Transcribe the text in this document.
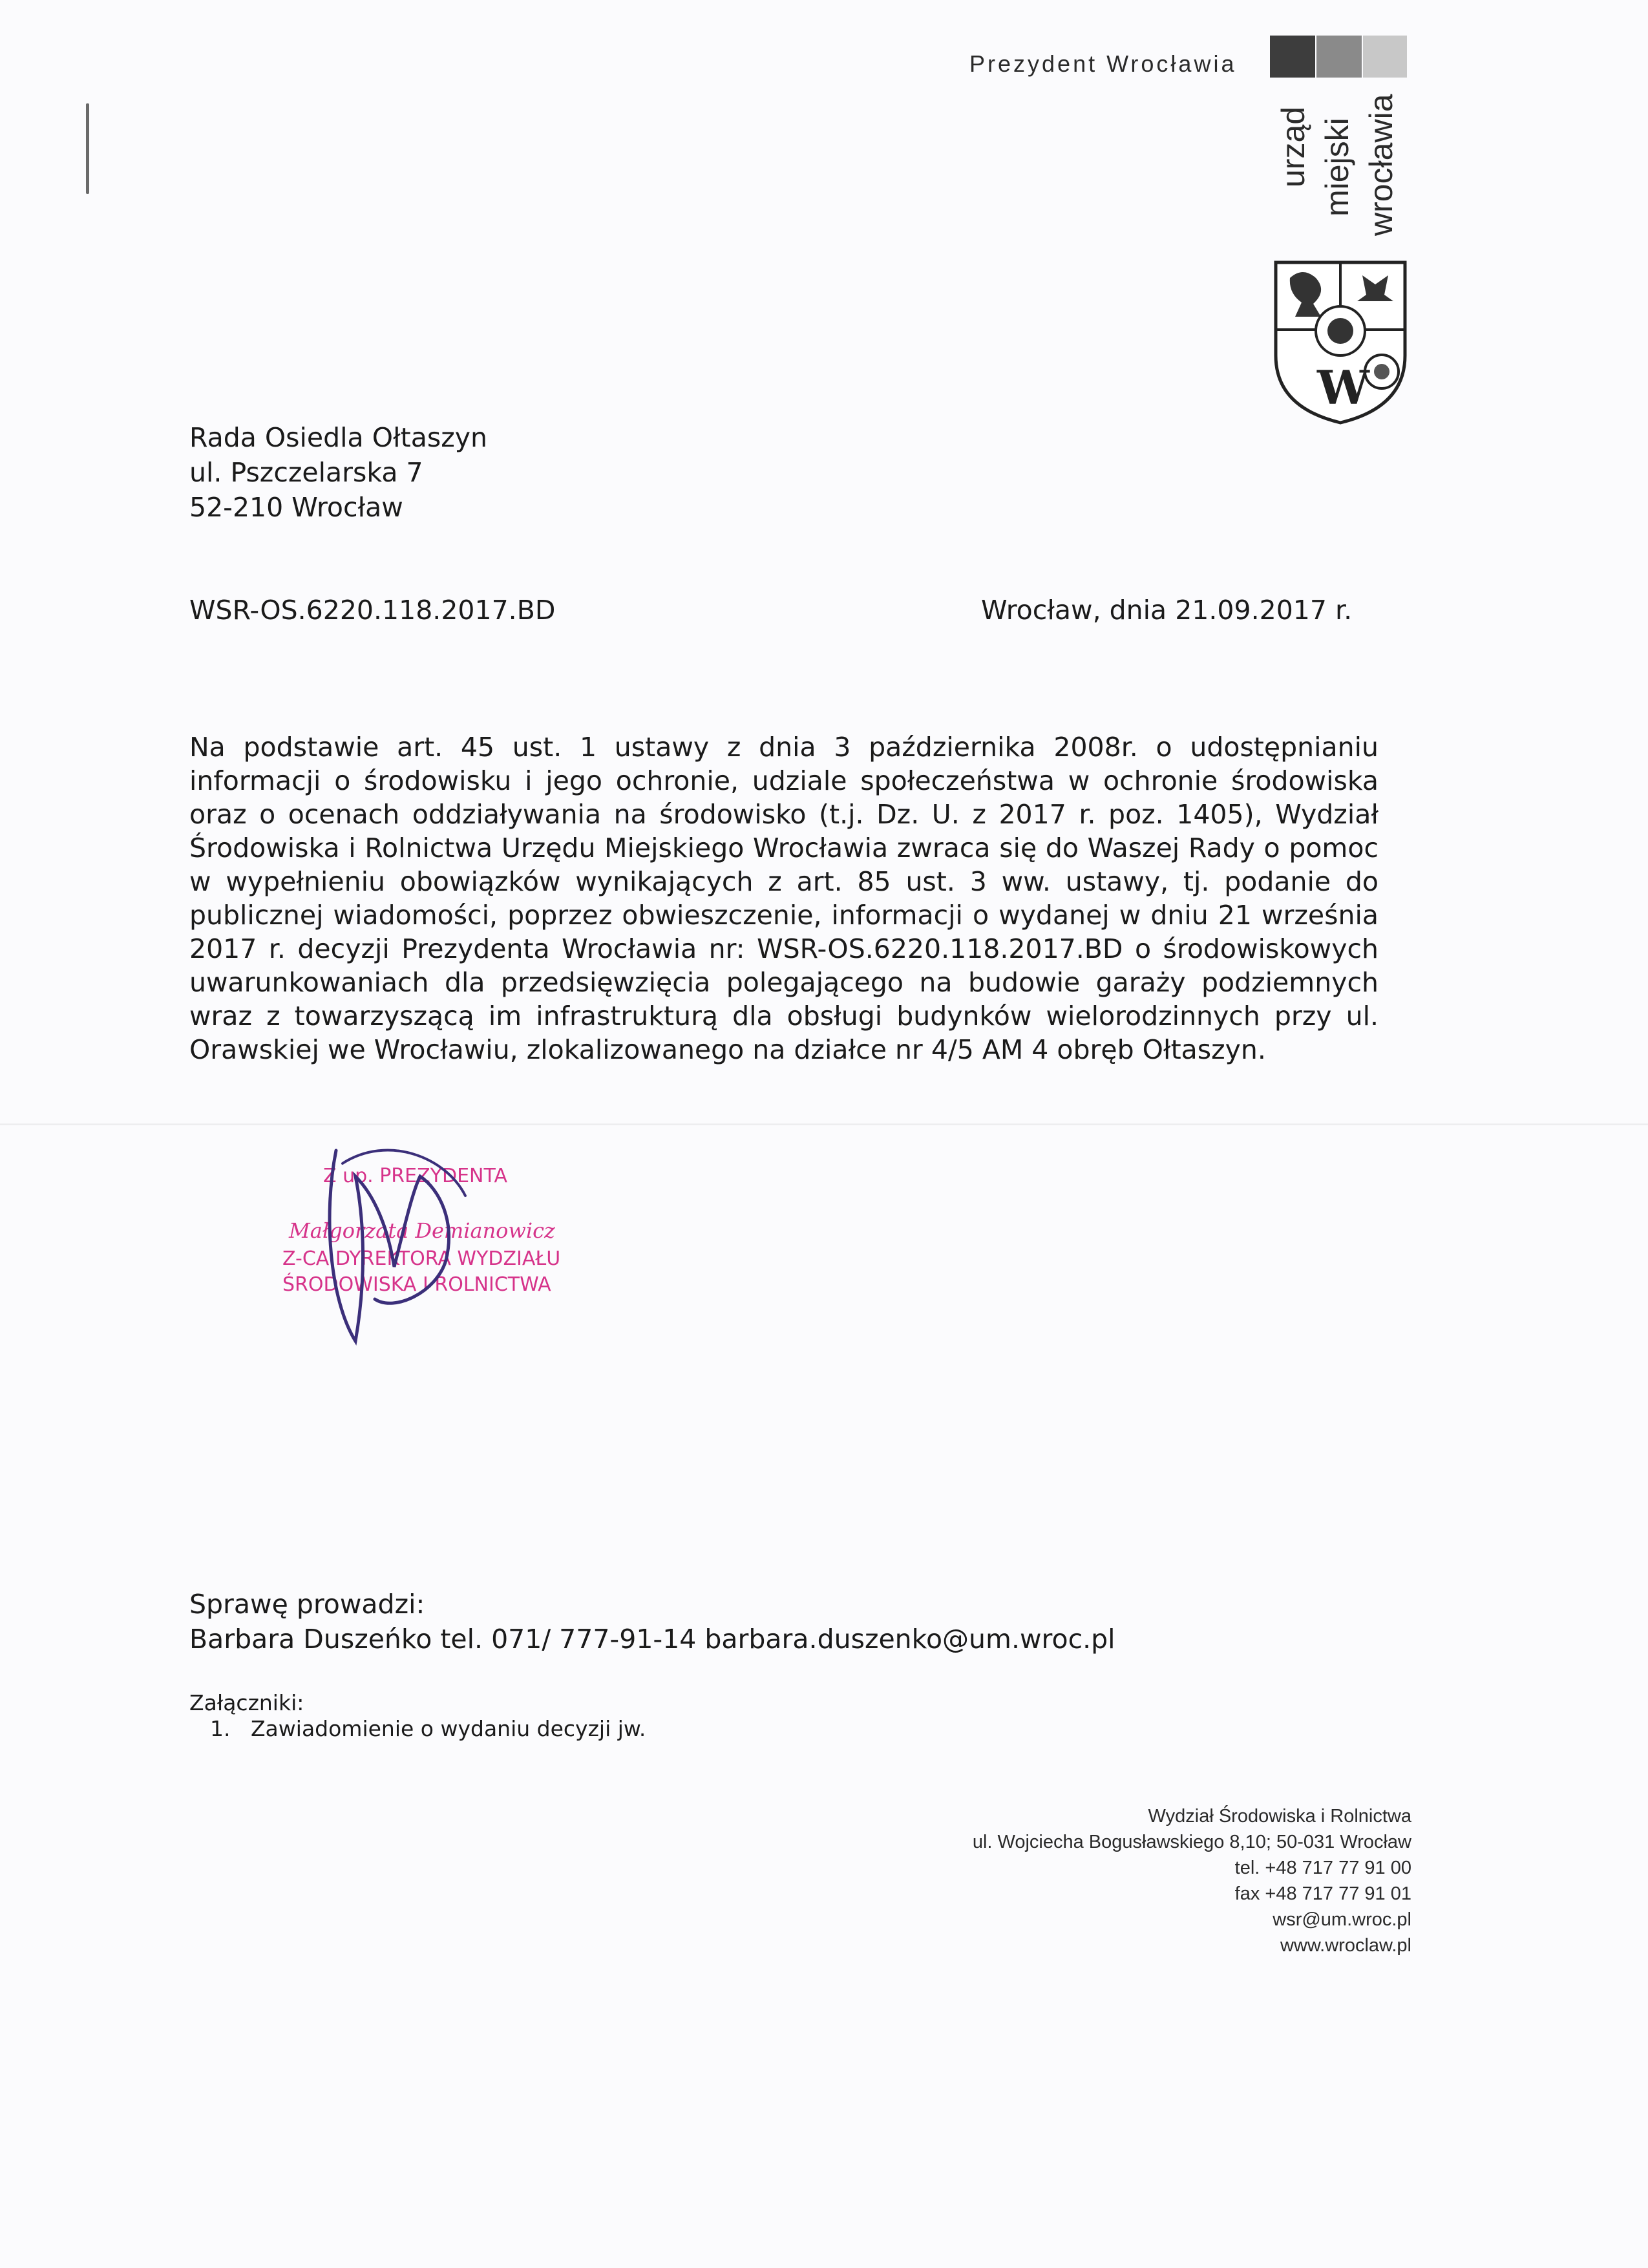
Prezydent Wrocławia
urząd miejski wrocławia
W
Rada Osiedla Ołtaszyn
ul. Pszczelarska 7
52-210 Wrocław
WSR-OS.6220.118.2017.BD	Wrocław, dnia 21.09.2017 r.
Na podstawie art. 45 ust. 1 ustawy z dnia 3 października 2008r. o udostępnianiu informacji o środowisku i jego ochronie, udziale społeczeństwa w ochronie środowiska oraz o ocenach oddziaływania na środowisko (t.j. Dz. U. z 2017 r. poz. 1405), Wydział Środowiska i Rolnictwa Urzędu Miejskiego Wrocławia zwraca się do Waszej Rady o pomoc w wypełnieniu obowiązków wynikających z art. 85 ust. 3 ww. ustawy, tj. podanie do publicznej wiadomości, poprzez obwieszczenie, informacji o wydanej w dniu 21 września 2017 r. decyzji Prezydenta Wrocławia nr: WSR-OS.6220.118.2017.BD o środowiskowych uwarunkowaniach dla przedsięwzięcia polegającego na budowie garaży podziemnych wraz z towarzyszącą im infrastrukturą dla obsługi budynków wielorodzinnych przy ul. Orawskiej we Wrocławiu, zlokalizowanego na działce nr 4/5 AM 4 obręb Ołtaszyn.
Z up. PREZYDENTA
Małgorzata Demianowicz
Z-CA DYREKTORA WYDZIAŁU
ŚRODOWISKA I ROLNICTWA
Sprawę prowadzi:
Barbara Duszeńko tel. 071/ 777-91-14 barbara.duszenko@um.wroc.pl
Załączniki:
1.   Zawiadomienie o wydaniu decyzji jw.
Wydział Środowiska i Rolnictwa
ul. Wojciecha Bogusławskiego 8,10; 50-031 Wrocław
tel. +48 717 77 91 00
fax +48 717 77 91 01
wsr@um.wroc.pl
www.wroclaw.pl
